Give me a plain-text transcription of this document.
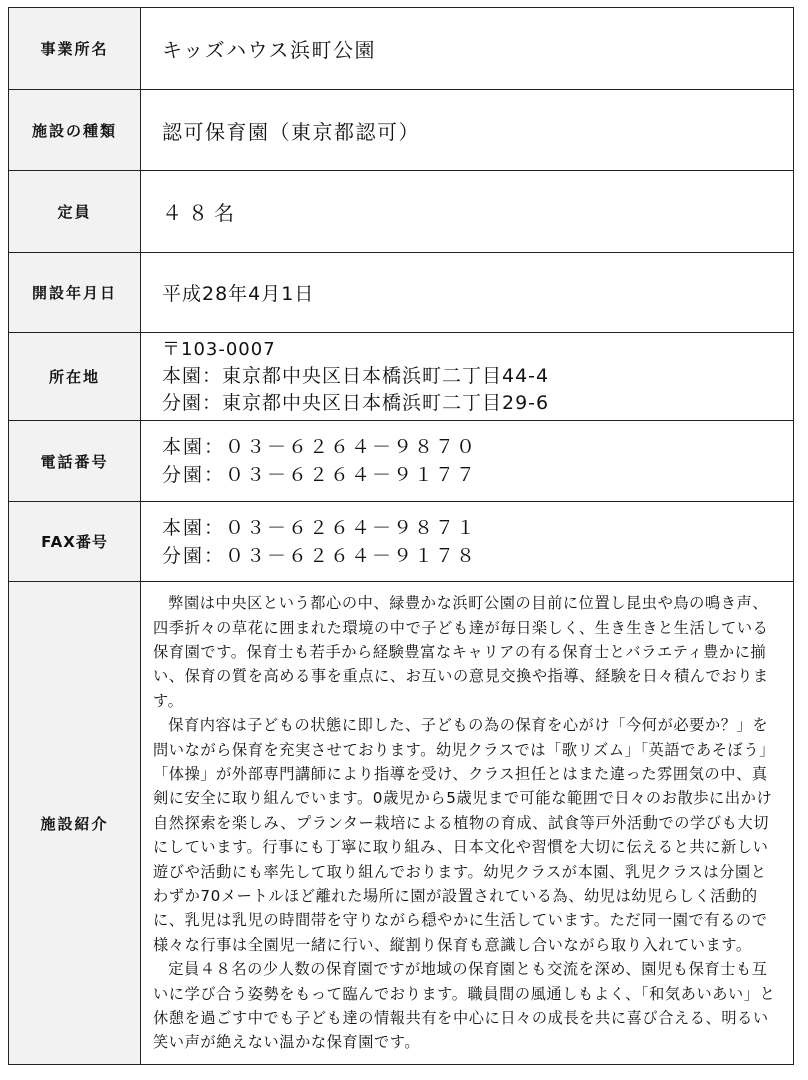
事業所名	キッズハウス浜町公園
施設の種類	認可保育園（東京都認可）
定員	４８名
開設年月日	平成28年4月1日
所在地	〒103-0007
本園：東京都中央区日本橋浜町二丁目44-4
分園：東京都中央区日本橋浜町二丁目29-6

電話番号	本園：０３－６２６４－９８７０
分園：０３－６２６４－９１７７

FAX番号	本園：０３－６２６４－９８７１
分園：０３－６２６４－９１７８

施設紹介	弊園は中央区という都心の中、緑豊かな浜町公園の目前に位置し昆虫や鳥の鳴き声、四季折々の草花に囲まれた環境の中で子ども達が毎日楽しく、生き生きと生活している保育園です。保育士も若手から経験豊富なキャリアの有る保育士とバラエティ豊かに揃い、保育の質を高める事を重点に、お互いの意見交換や指導、経験を日々積んでおります。

保育内容は子どもの状態に即した、子どもの為の保育を心がけ「今何が必要か？」を問いながら保育を充実させております。幼児クラスでは「歌リズム」「英語であそぼう」「体操」が外部専門講師により指導を受け、クラス担任とはまた違った雰囲気の中、真剣に安全に取り組んでいます。0歳児から5歳児まで可能な範囲で日々のお散歩に出かけ自然探索を楽しみ、プランター栽培による植物の育成、試食等戸外活動での学びも大切にしています。行事にも丁寧に取り組み、日本文化や習慣を大切に伝えると共に新しい遊びや活動にも率先して取り組んでおります。幼児クラスが本園、乳児クラスは分園とわずか70メートルほど離れた場所に園が設置されている為、幼児は幼児らしく活動的に、乳児は乳児の時間帯を守りながら穏やかに生活しています。ただ同一園で有るので様々な行事は全園児一緒に行い、縦割り保育も意識し合いながら取り入れています。

定員４８名の少人数の保育園ですが地域の保育園とも交流を深め、園児も保育士も互いに学び合う姿勢をもって臨んでおります。職員間の風通しもよく、「和気あいあい」と休憩を過ごす中でも子ども達の情報共有を中心に日々の成長を共に喜び合える、明るい笑い声が絶えない温かな保育園です。
